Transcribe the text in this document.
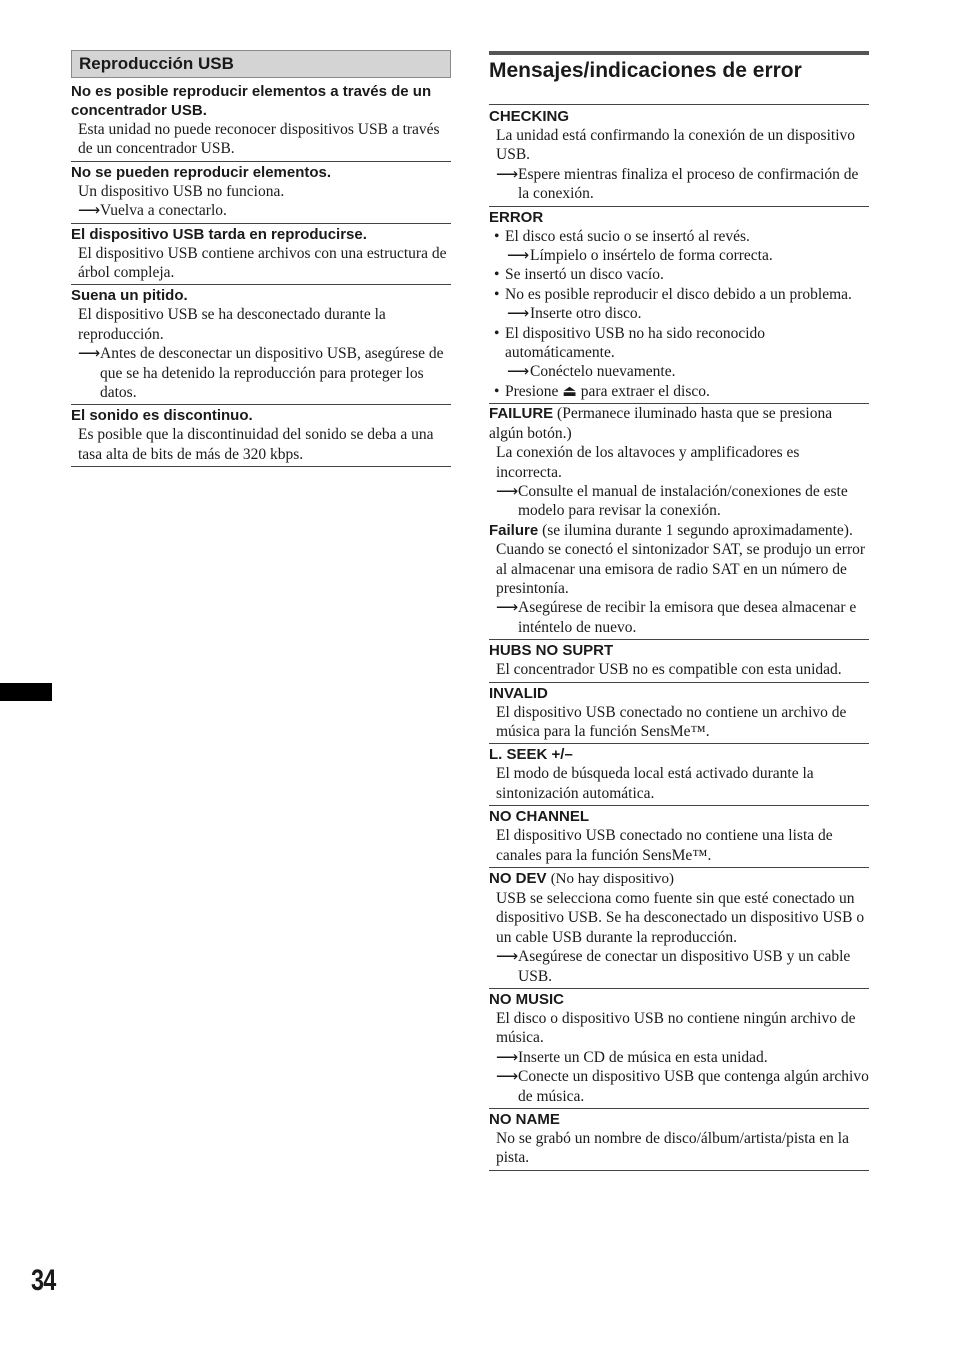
Reproducción USB
No es posible reproducir elementos a través de un concentrador USB.
Esta unidad no puede reconocer dispositivos USB a través de un concentrador USB.
No se pueden reproducir elementos.
Un dispositivo USB no funciona.
⟶ Vuelva a conectarlo.
El dispositivo USB tarda en reproducirse.
El dispositivo USB contiene archivos con una estructura de árbol compleja.
Suena un pitido.
El dispositivo USB se ha desconectado durante la reproducción.
⟶ Antes de desconectar un dispositivo USB, asegúrese de que se ha detenido la reproducción para proteger los datos.
El sonido es discontinuo.
Es posible que la discontinuidad del sonido se deba a una tasa alta de bits de más de 320 kbps.
Mensajes/indicaciones de error
CHECKING
La unidad está confirmando la conexión de un dispositivo USB.
⟶ Espere mientras finaliza el proceso de confirmación de la conexión.
ERROR
• El disco está sucio o se insertó al revés.
⟶ Límpielo o insértelo de forma correcta.
• Se insertó un disco vacío.
• No es posible reproducir el disco debido a un problema.
⟶ Inserte otro disco.
• El dispositivo USB no ha sido reconocido automáticamente.
⟶ Conéctelo nuevamente.
• Presione ⏏ para extraer el disco.
FAILURE (Permanece iluminado hasta que se presiona algún botón.)
La conexión de los altavoces y amplificadores es incorrecta.
⟶ Consulte el manual de instalación/conexiones de este modelo para revisar la conexión.
Failure (se ilumina durante 1 segundo aproximadamente).
Cuando se conectó el sintonizador SAT, se produjo un error al almacenar una emisora de radio SAT en un número de presintonía.
⟶ Asegúrese de recibir la emisora que desea almacenar e inténtelo de nuevo.
HUBS NO SUPRT
El concentrador USB no es compatible con esta unidad.
INVALID
El dispositivo USB conectado no contiene un archivo de música para la función SensMe™.
L. SEEK +/–
El modo de búsqueda local está activado durante la sintonización automática.
NO CHANNEL
El dispositivo USB conectado no contiene una lista de canales para la función SensMe™.
NO DEV (No hay dispositivo)
USB se selecciona como fuente sin que esté conectado un dispositivo USB. Se ha desconectado un dispositivo USB o un cable USB durante la reproducción.
⟶ Asegúrese de conectar un dispositivo USB y un cable USB.
NO MUSIC
El disco o dispositivo USB no contiene ningún archivo de música.
⟶ Inserte un CD de música en esta unidad.
⟶ Conecte un dispositivo USB que contenga algún archivo de música.
NO NAME
No se grabó un nombre de disco/álbum/artista/pista en la pista.
34
